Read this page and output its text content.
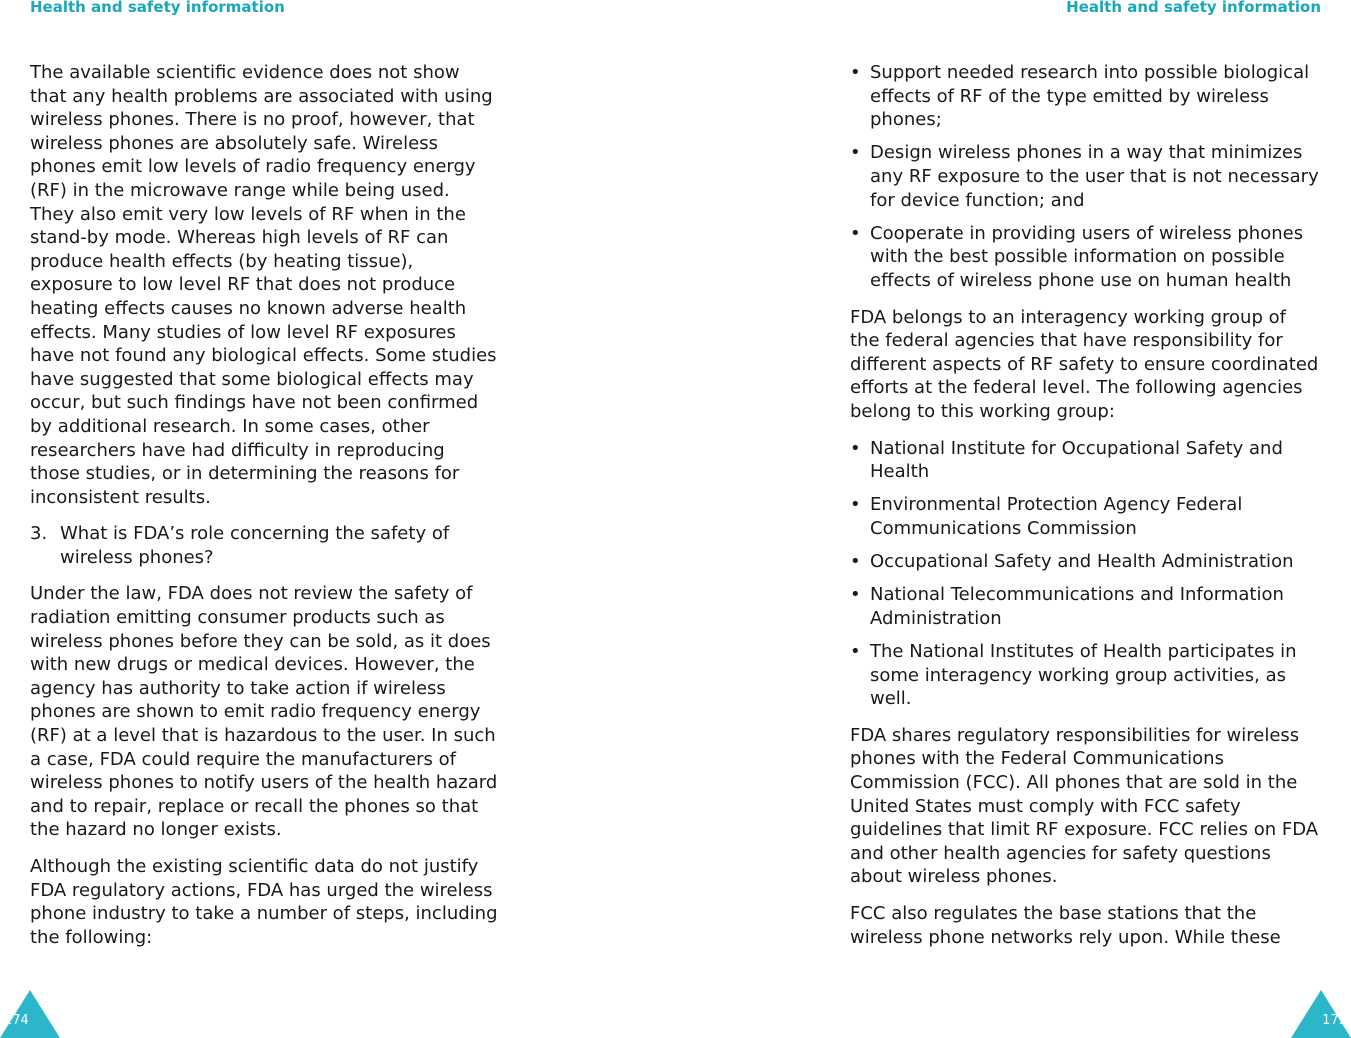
Health and safety information

The available scientific evidence does not show that any health problems are associated with using wireless phones. There is no proof, however, that wireless phones are absolutely safe. Wireless phones emit low levels of radio frequency energy (RF) in the microwave range while being used. They also emit very low levels of RF when in the stand-by mode. Whereas high levels of RF can produce health effects (by heating tissue), exposure to low level RF that does not produce heating effects causes no known adverse health effects. Many studies of low level RF exposures have not found any biological effects. Some studies have suggested that some biological effects may occur, but such findings have not been confirmed by additional research. In some cases, other researchers have had difficulty in reproducing those studies, or in determining the reasons for inconsistent results.

3. What is FDA’s role concerning the safety of wireless phones?

Under the law, FDA does not review the safety of radiation emitting consumer products such as wireless phones before they can be sold, as it does with new drugs or medical devices. However, the agency has authority to take action if wireless phones are shown to emit radio frequency energy (RF) at a level that is hazardous to the user. In such a case, FDA could require the manufacturers of wireless phones to notify users of the health hazard and to repair, replace or recall the phones so that the hazard no longer exists.

Although the existing scientific data do not justify FDA regulatory actions, FDA has urged the wireless phone industry to take a number of steps, including the following:

174
Health and safety information
• Support needed research into possible biological effects of RF of the type emitted by wireless phones;
• Design wireless phones in a way that minimizes any RF exposure to the user that is not necessary for device function; and
• Cooperate in providing users of wireless phones with the best possible information on possible effects of wireless phone use on human health

FDA belongs to an interagency working group of the federal agencies that have responsibility for different aspects of RF safety to ensure coordinated efforts at the federal level. The following agencies belong to this working group:

• National Institute for Occupational Safety and Health
• Environmental Protection Agency Federal Communications Commission
• Occupational Safety and Health Administration
• National Telecommunications and Information Administration
• The National Institutes of Health participates in some interagency working group activities, as well.

FDA shares regulatory responsibilities for wireless phones with the Federal Communications Commission (FCC). All phones that are sold in the United States must comply with FCC safety guidelines that limit RF exposure. FCC relies on FDA and other health agencies for safety questions about wireless phones.

FCC also regulates the base stations that the wireless phone networks rely upon. While these

175
